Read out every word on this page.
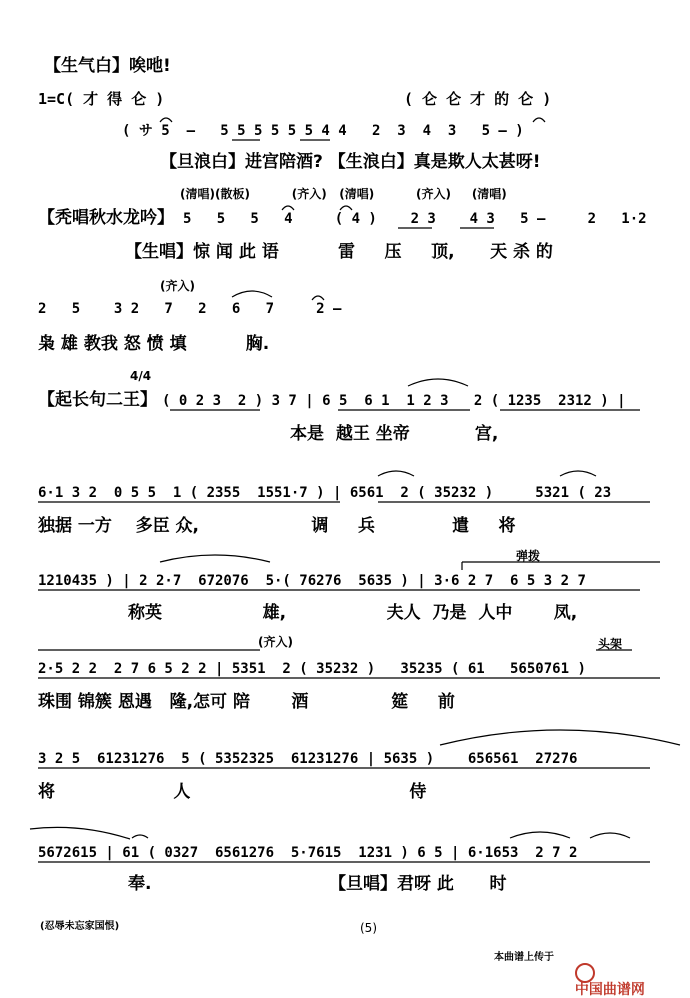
【生气白】唉吔!
1=C( 才 得 仑 )	( 仑 仑 才 的 仑 )
( サ 5  –   5 5 5 5 5 5 4 4   2  3  4  3   5 – )
【旦浪白】进宫陪酒? 【生浪白】真是欺人太甚呀!
(清唱)(散板)          (齐入)   (清唱)          (齐入)     (清唱)
【秃唱秋水龙吟】 5   5   5   4     ( 4 )    2 3    4 3   5 –     2   1·2
【生唱】惊 闻 此 语          雷     压     顶,      天 杀 的
(齐入)
2   5    3 2   7   2   6   7     2 –
枭 雄 教我 怒 愤 填          胸.
4/4
【起长句二王】 ( 0 2 3  2 ) 3 7 | 6 5  6 1  1 2 3   2 ( 1235  2312 ) |
本是  越王 坐帝           宫,
6·1 3 2  0 5 5  1 ( 2355  1551·7 ) | 6561  2 ( 35232 )     5321 ( 23
独据 一方    多臣 众,                   调     兵             遣     将
弹拨
1210435 ) | 2 2·7  672076  5·( 76276  5635 ) | 3·6 2 7  6 5 3 2 7
称英                 雄,                 夫人  乃是  人中       凤,
(齐入)	头架
2·5 2 2  2 7 6 5 2 2 | 5351  2 ( 35232 )   35235 ( 61   5650761 )
珠围 锦簇 恩遇   隆,怎可 陪       酒              筵     前
3 2 5  61231276  5 ( 5352325  61231276 | 5635 )    656561  27276
将                    人                                     侍
5672615 | 61 ( 0327  6561276  5·7615  1231 ) 6 5 | 6·1653  2 7 2
奉.                              【旦唱】君呀 此      时
(忍辱未忘家国恨)	(5)
本曲谱上传于

中国曲谱网
